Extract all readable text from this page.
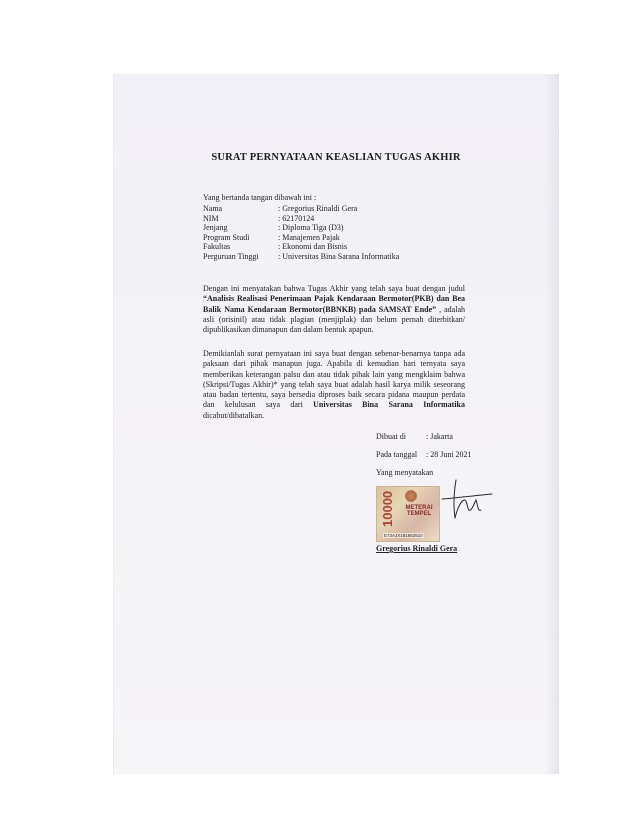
SURAT PERNYATAAN KEASLIAN TUGAS AKHIR
Yang bertanda tangan dibawah ini :
Nama	: Gregorius Rinaldi Gera
NIM	: 62170124
Jenjang	: Diploma Tiga (D3)
Program Studi	: Manajemen Pajak
Fakultas	: Ekonomi dan Bisnis
Perguruan Tinggi	: Universitas Bina Sarana Informatika
Dengan ini menyatakan bahwa Tugas Akhir yang telah saya buat dengan judul “Analisis Realisasi Penerimaan Pajak Kendaraan Bermotor(PKB) dan Bea Balik Nama Kendaraan Bermotor(BBNKB) pada SAMSAT Ende” , adalah asli (orisinil) atau tidak plagian (menjiplak) dan belum pernah diterbitkan/ dipublikasikan dimanapun dan dalam bentuk apapun.
Demikianlah surat pernyataan ini saya buat dengan sebenar-benarnya tanpa ada paksaan dari pihak manapun juga. Apabila di kemudian hari ternyata saya memberikan keterangan palsu dan atau tidak pihak lain yang mengklaim bahwa (Skripsi/Tugas Akhir)* yang telah saya buat adalah hasil karya milik seseorang atau badan tertentu, saya bersedia diproses baik secara pidana maupun perdata dan kelulusan saya dari Universitas Bina Sarana Informatika dicabut/dibatalkan.
Dibuat di	: Jakarta
Pada tanggal	: 28 Juni 2021
Yang menyatakan
10000	METERAI TEMPEL
E73AJX181863510
Gregorius Rinaldi Gera
